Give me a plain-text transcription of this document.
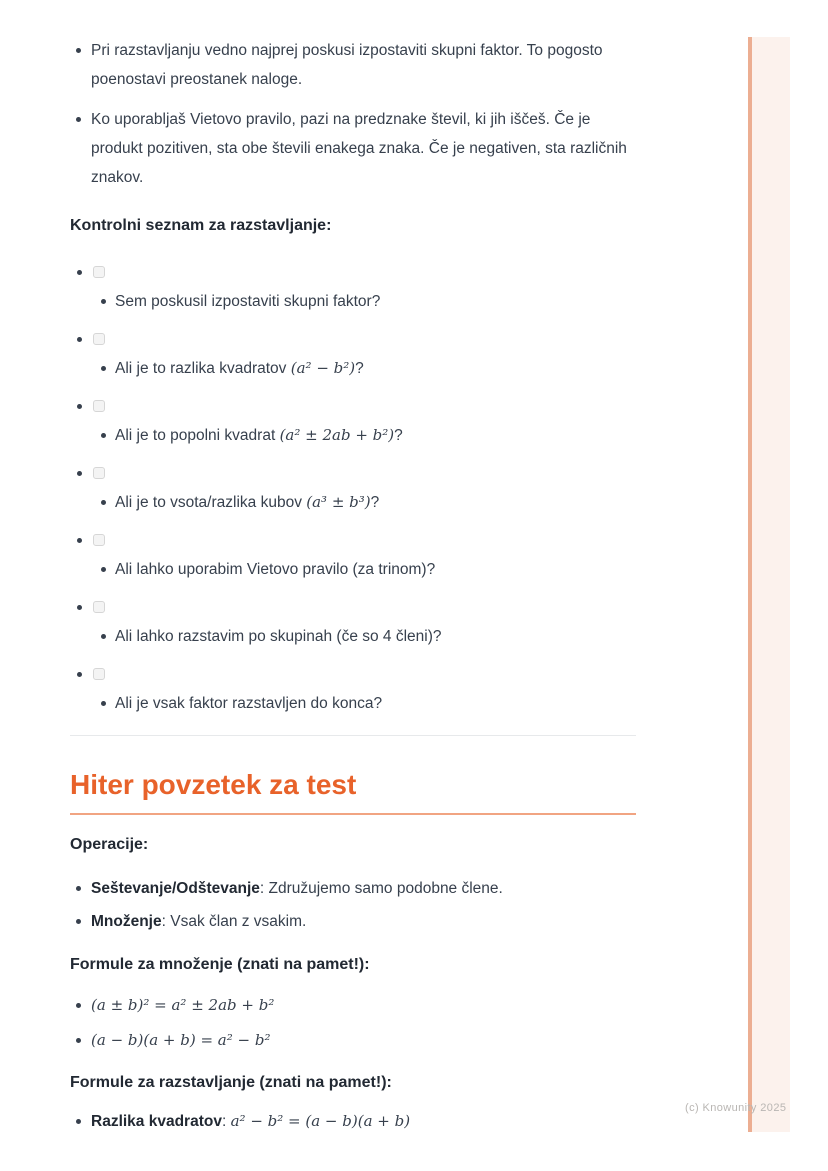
(c) Knowunity 2025
Pri razstavljanju vedno najprej poskusi izpostaviti skupni faktor. To pogosto poenostavi preostanek naloge.
Ko uporabljaš Vietovo pravilo, pazi na predznake števil, ki jih iščeš. Če je produkt pozitiven, sta obe števili enakega znaka. Če je negativen, sta različnih znakov.
Kontrolni seznam za razstavljanje:
Sem poskusil izpostaviti skupni faktor?
Ali je to razlika kvadratov (a² − b²)?
Ali je to popolni kvadrat (a² ± 2ab + b²)?
Ali je to vsota/razlika kubov (a³ ± b³)?
Ali lahko uporabim Vietovo pravilo (za trinom)?
Ali lahko razstavim po skupinah (če so 4 členi)?
Ali je vsak faktor razstavljen do konca?
Hiter povzetek za test
Operacije:
Seštevanje/Odštevanje: Združujemo samo podobne člene.
Množenje: Vsak član z vsakim.
Formule za množenje (znati na pamet!):
(a ± b)² = a² ± 2ab + b²
(a − b)(a + b) = a² − b²
Formule za razstavljanje (znati na pamet!):
Razlika kvadratov: a² − b² = (a − b)(a + b)
